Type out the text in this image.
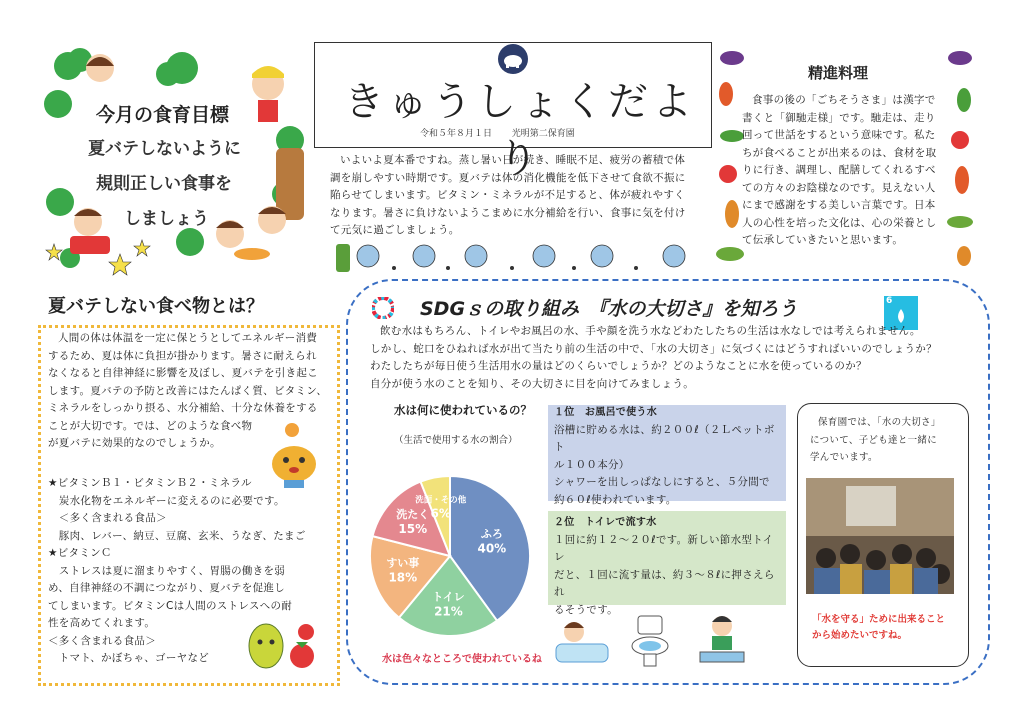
今月の食育目標
夏バテしないように
規則正しい食事を
しましょう
きゅうしょくだより
令和５年８月１日 光明第二保育園
いよいよ夏本番ですね。蒸し暑い日が続き、睡眠不足、疲労の蓄積で体
調を崩しやすい時期です。夏バテは体の消化機能を低下させて食欲不振に
陥らせてしまいます。ビタミン・ミネラルが不足すると、体が疲れやすく
なります。暑さに負けないようこまめに水分補給を行い、食事に気を付け
て元気に過ごしましょう。
精進料理
食事の後の「ごちそうさま」は漢字で
書くと「御馳走様」です。馳走は、走り
回って世話をするという意味です。私た
ちが食べることが出来るのは、食材を取
りに行き、調理し、配膳してくれるすべ
ての方々のお陰様なのです。見えない人
にまで感謝をする美しい言葉です。日本
人の心性を培った文化は、心の栄養とし
て伝承していきたいと思います。
夏バテしない食べ物とは？
人間の体は体温を一定に保とうとしてエネルギー消費
するため、夏は体に負担が掛かります。暑さに耐えられ
なくなると自律神経に影響を及ぼし、夏バテを引き起こ
します。夏バテの予防と改善にはたんぱく質、ビタミン、
ミネラルをしっかり摂る、水分補給、十分な休養をする
ことが大切です。では、どのような食べ物
が夏バテに効果的なのでしょうか。
★ビタミンＢ１・ビタミンＢ２・ミネラル
　炭水化物をエネルギーに変えるのに必要です。
　＜多く含まれる食品＞
　豚肉、レバー、納豆、豆腐、玄米、うなぎ、たまご
★ビタミンＣ
　ストレスは夏に溜まりやすく、胃腸の働きを弱
め、自律神経の不調につながり、夏バテを促進し
てしまいます。ビタミンCは人間のストレスへの耐
性を高めてくれます。
＜多く含まれる食品＞
　トマト、かぼちゃ、ゴーヤなど
SDGｓの取り組み　『水の大切さ』を知ろう	6
飲む水はもちろん、トイレやお風呂の水、手や顔を洗う水などわたしたちの生活は水なしでは考えられません。
しかし、蛇口をひねれば水が出て当たり前の生活の中で、「水の大切さ」に気づくにはどうすればいいのでしょうか？
わたしたちが毎日使う生活用水の量はどのくらいでしょうか？どのようなことに水を使っているのか？
自分が使う水のことを知り、その大切さに目を向けてみましょう。
水は何に使われているの？
（生活で使用する水の割合）
ふろ
40%
トイレ
21%
すい事
18%
洗たく
15%
洗面・その他
6%
水は色々なところで使われているね
１位　お風呂で使う水
浴槽に貯める水は、約２００ℓ（２Ｌペットボト
ル１００本分）
シャワーを出しっぱなしにすると、５分間で
約６０ℓ使われています。
２位　トイレで流す水
１回に約１２～２０ℓです。新しい節水型トイレ
だと、１回に流す量は、約３～８ℓに押さえられ
るそうです。
保育園では、「水の大切さ」
について、子ども達と一緒に
学んでいます。
「水を守る」ために出来ること
から始めたいですね。
